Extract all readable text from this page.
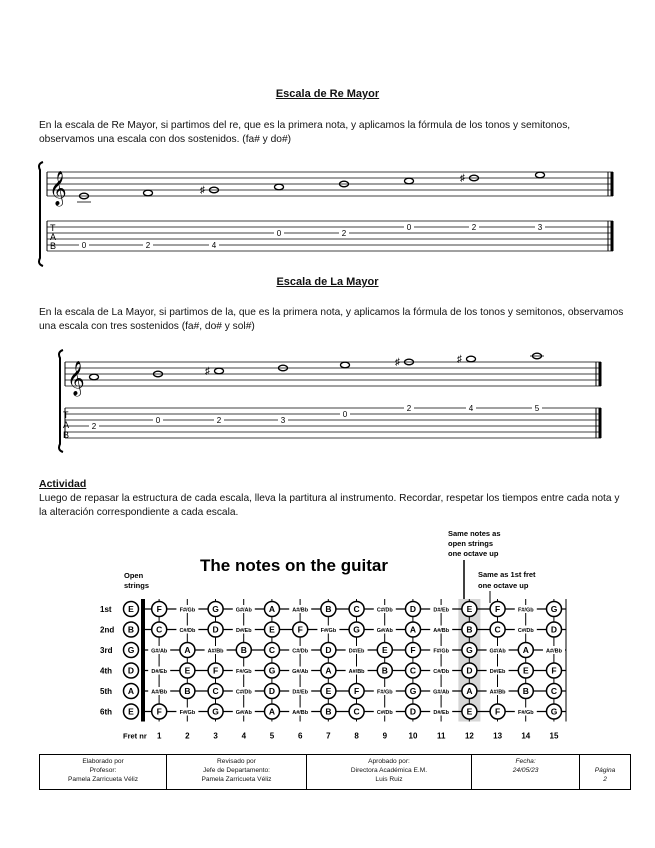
Escala de Re Mayor
En la escala de Re Mayor, si partimos del re, que es la primera nota, y aplicamos la fórmula de los tonos y semitonos, observamos una escala con dos sostenidos. (fa# y do#)
𝄞	♯
♯
T
A
B	0	2	4
0	2
0	2	3
Escala de La Mayor
En la escala de La Mayor, si partimos de la, que es la primera nota, y aplicamos la fórmula de los tonos y semitonos, observamos una escala con tres sostenidos (fa#, do# y sol#)
𝄞	♯
♯	♯
T
A
B
2
0	2	3
0
2	4	5
Actividad
Luego de repasar la estructura de cada escala, lleva la partitura al instrumento. Recordar, respetar los tiempos entre cada nota y la alteración correspondiente a cada escala.
The notes on the guitar
Open
strings
Same notes as
open strings
one octave up
Same as 1st fret
one octave up
1st
2nd
3rd
4th
5th
6th
E	F	F#/Gb G	G#/Ab A	A#/Bb B	C	C#/Db D	D#/Eb E	F	F#/Gb G
B	C	C#/Db D	D#/Eb E	F	F#/Gb G	G#/Ab A	A#/Bb B	C	C#/Db D
G	G#/Ab A	A#/Bb B	C	C#/Db D	D#/Eb E	F	F#/Gb G	G#/Ab A	A#/Bb
D	D#/Eb E	F	F#/Gb G	G#/Ab A	A#/Bb B	C	C#/Db D	D#/Eb E	F
A	A#/Bb B	C	C#/Db D	D#/Eb E	F	F#/Gb G	G#/Ab A	A#/Bb B	C
E	F	F#/Gb G	G#/Ab A	A#/Bb B	C	C#/Db D	D#/Eb E	F	F#/Gb G
Fret nr 1	2	3	4	5	6	7	8	9	10 11 12 13 14 15
Elaborado por
Profesor:
Pamela Zarricueta Véliz

Revisado por
Jefe de Departamento:
Pamela Zarricueta Véliz

Aprobado por:
Directora Académica E.M.
Luis Ruiz

Fecha:
24/05/23	Página
2
